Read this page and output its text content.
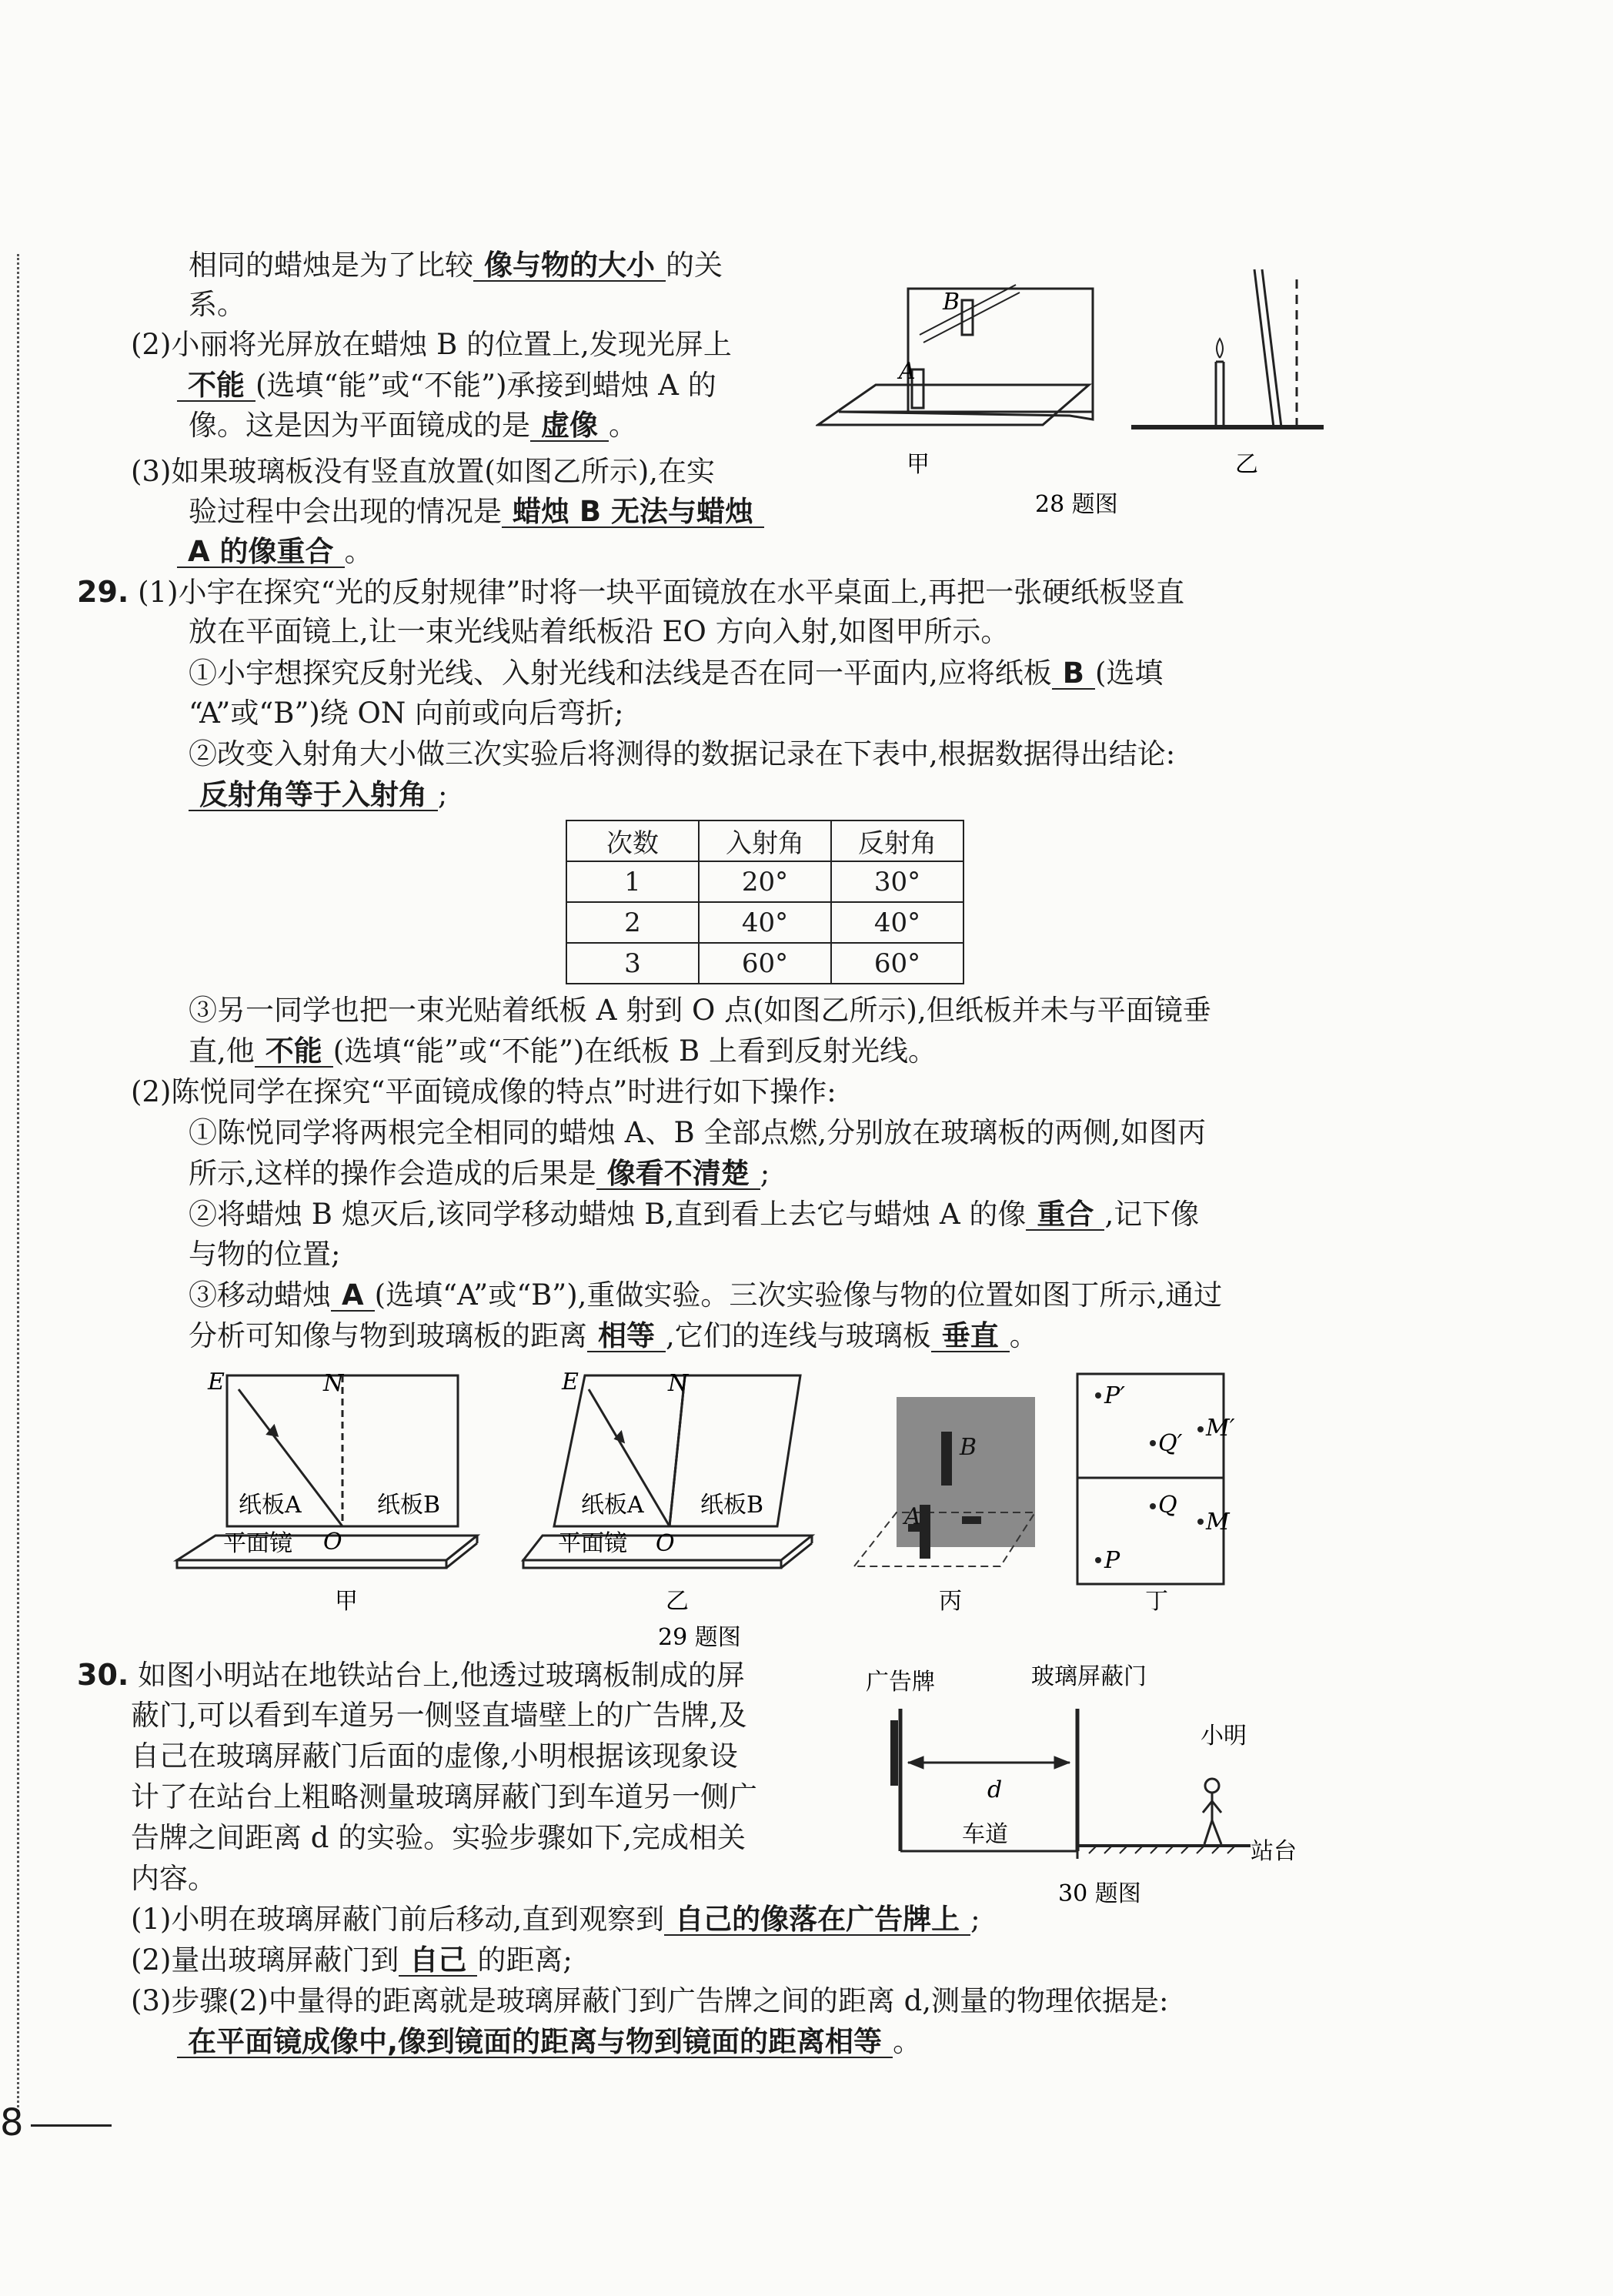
相同的蜡烛是为了比较 像与物的大小 的关
系。
(2)小丽将光屏放在蜡烛 B 的位置上,发现光屏上
不能 (选填“能”或“不能”)承接到蜡烛 A 的
像。这是因为平面镜成的是 虚像 。
(3)如果玻璃板没有竖直放置(如图乙所示),在实
验过程中会出现的情况是 蜡烛 B 无法与蜡烛
A 的像重合 。
A
B
甲	乙
28 题图
29. (1)小宇在探究“光的反射规律”时将一块平面镜放在水平桌面上,再把一张硬纸板竖直
放在平面镜上,让一束光线贴着纸板沿 EO 方向入射,如图甲所示。
①小宇想探究反射光线、入射光线和法线是否在同一平面内,应将纸板 B (选填
“A”或“B”)绕 ON 向前或向后弯折;
②改变入射角大小做三次实验后将测得的数据记录在下表中,根据数据得出结论:
反射角等于入射角 ;
次数	入射角	反射角
1	20°	30°
2	40°	40°
3	60°	60°
③另一同学也把一束光贴着纸板 A 射到 O 点(如图乙所示),但纸板并未与平面镜垂
直,他 不能 (选填“能”或“不能”)在纸板 B 上看到反射光线。
(2)陈悦同学在探究“平面镜成像的特点”时进行如下操作:
①陈悦同学将两根完全相同的蜡烛 A、B 全部点燃,分别放在玻璃板的两侧,如图丙
所示,这样的操作会造成的后果是 像看不清楚 ;
②将蜡烛 B 熄灭后,该同学移动蜡烛 B,直到看上去它与蜡烛 A 的像 重合 ,记下像
与物的位置;
③移动蜡烛 A (选填“A”或“B”),重做实验。三次实验像与物的位置如图丁所示,通过
分析可知像与物到玻璃板的距离 相等 ,它们的连线与玻璃板 垂直 。
E	N
纸板A	纸板B
平面镜 O
甲
E	N
纸板A 纸板B
平面镜 O
乙
B
A
丙
P′
Q′
M′
Q
M
P
丁
29 题图
30. 如图小明站在地铁站台上,他透过玻璃板制成的屏
蔽门,可以看到车道另一侧竖直墙壁上的广告牌,及
自己在玻璃屏蔽门后面的虚像,小明根据该现象设
计了在站台上粗略测量玻璃屏蔽门到车道另一侧广
告牌之间距离 d 的实验。实验步骤如下,完成相关
内容。
(1)小明在玻璃屏蔽门前后移动,直到观察到 自己的像落在广告牌上 ;
(2)量出玻璃屏蔽门到 自己 的距离;
(3)步骤(2)中量得的距离就是玻璃屏蔽门到广告牌之间的距离 d,测量的物理依据是:
在平面镜成像中,像到镜面的距离与物到镜面的距离相等 。
广告牌	玻璃屏蔽门
小明
d
车道
站台
30 题图
8
